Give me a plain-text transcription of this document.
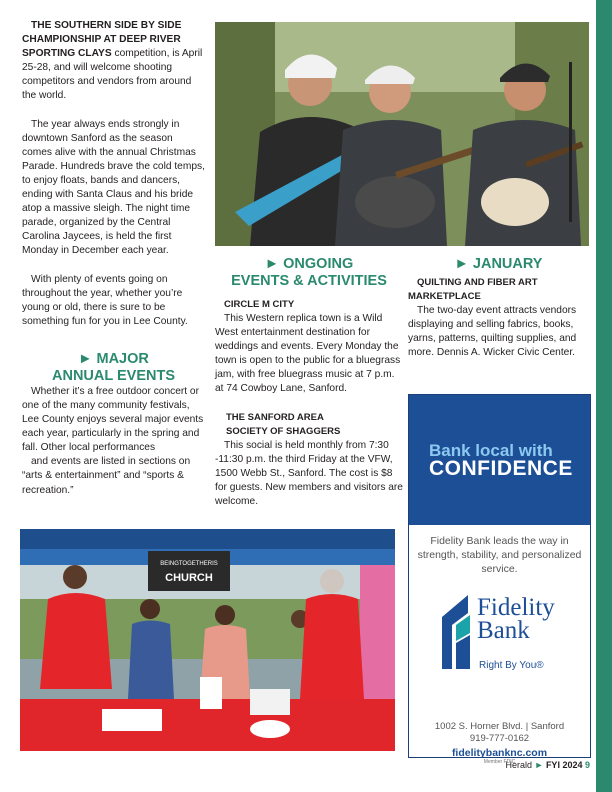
THE SOUTHERN SIDE BY SIDE CHAMPIONSHIP AT DEEP RIVER SPORTING CLAYS competition, is April 25-28, and will welcome shooting competitors and vendors from around the world.

The year always ends strongly in downtown Sanford as the season comes alive with the annual Christmas Parade. Hundreds brave the cold temps, to enjoy floats, bands and dancers, ending with Santa Claus and his bride atop a massive sleigh. The night time parade, organized by the Central Carolina Jaycees, is held the first Monday in December each year.

With plenty of events going on throughout the year, whether you’re young or old, there is sure to be something fun for you in Lee County.

► MAJOR
ANNUAL EVENTS

Whether it’s a free outdoor concert or one of the many community festivals, Lee County enjoys several major events each year, particularly in the spring and fall. Other local performances

and events are listed in sections on “arts & entertainment” and “sports & recreation.”

► ONGOING
EVENTS & ACTIVITIES
CIRCLE M CITY

This Western replica town is a Wild West entertainment destination for weddings and events. Every Monday the town is open to the public for a bluegrass jam, with free bluegrass music at 7 p.m. at 74 Cowboy Lane, Sanford.

THE SANFORD AREA
SOCIETY OF SHAGGERS

This social is held monthly from 7:30 -11:30 p.m. the third Friday at the VFW, 1500 Webb St., Sanford. The cost is $8 for guests. New members and visitors are welcome.

► JANUARY
QUILTING AND FIBER ART
MARKETPLACE

The two-day event attracts vendors displaying and selling fabrics, books, yarns, patterns, quilting supplies, and more. Dennis A. Wicker Civic Center.

BEINGTOGETHERIS
CHURCH
Bank local with
CONFIDENCE
Fidelity Bank leads the way in strength, stability, and personalized service.
Fidelity
Bank
Right By You®
1002 S. Horner Blvd. | Sanford
919-777-0162
fidelitybanknc.com
Member FDIC
Herald ► FYI 2024 9
